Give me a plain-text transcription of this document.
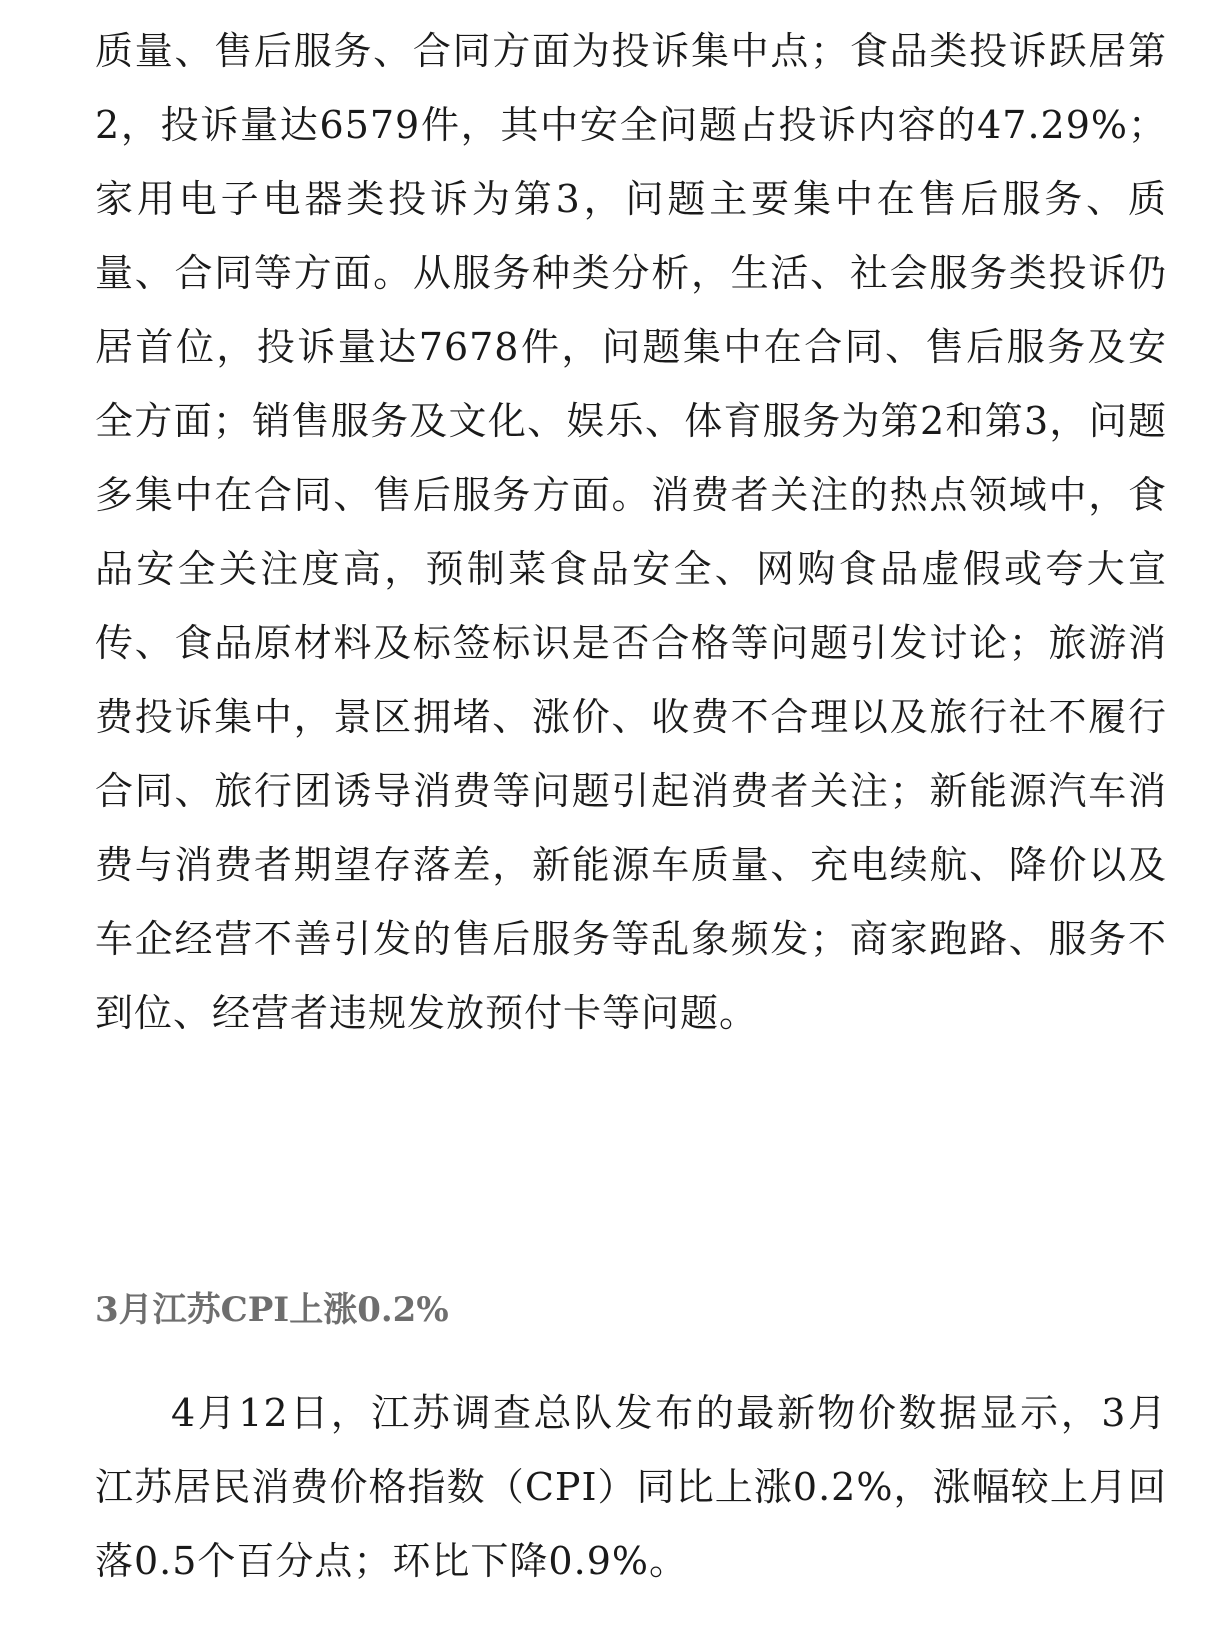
质量、售后服务、合同方面为投诉集中点；食品类投诉跃居第2，投诉量达6579件，其中安全问题占投诉内容的47.29%；家用电子电器类投诉为第3，问题主要集中在售后服务、质量、合同等方面。从服务种类分析，生活、社会服务类投诉仍居首位，投诉量达7678件，问题集中在合同、售后服务及安全方面；销售服务及文化、娱乐、体育服务为第2和第3，问题多集中在合同、售后服务方面。消费者关注的热点领域中，食品安全关注度高，预制菜食品安全、网购食品虚假或夸大宣传、食品原材料及标签标识是否合格等问题引发讨论；旅游消费投诉集中，景区拥堵、涨价、收费不合理以及旅行社不履行合同、旅行团诱导消费等问题引起消费者关注；新能源汽车消费与消费者期望存落差，新能源车质量、充电续航、降价以及车企经营不善引发的售后服务等乱象频发；商家跑路、服务不到位、经营者违规发放预付卡等问题。

3月江苏CPI上涨0.2%

4月12日，江苏调查总队发布的最新物价数据显示，3月江苏居民消费价格指数（CPI）同比上涨0.2%，涨幅较上月回落0.5个百分点；环比下降0.9%。
